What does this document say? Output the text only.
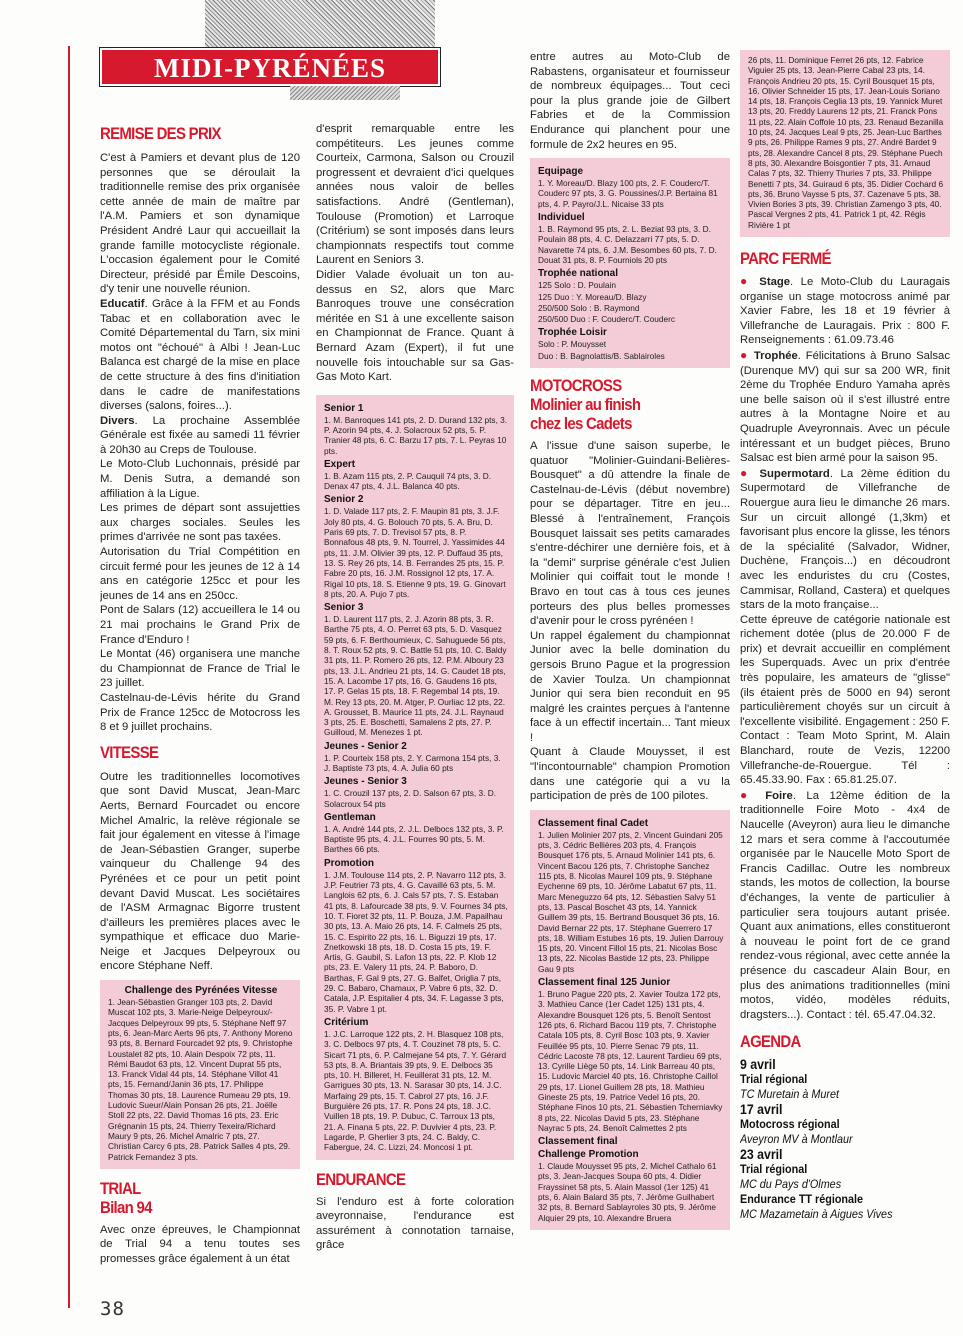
MIDI-PYRÉNÉES
REMISE DES PRIX

C'est à Pamiers et devant plus de 120 personnes que se déroulait la traditionnelle remise des prix organisée cette année de main de maître par l'A.M. Pamiers et son dynamique Président André Laur qui accueillait la grande famille motocycliste régionale. L'occasion également pour le Comité Directeur, présidé par Émile Descoins, d'y tenir une nouvelle réunion.

Educatif. Grâce à la FFM et au Fonds Tabac et en collaboration avec le Comité Départemental du Tarn, six mini motos ont "échoué" à Albi ! Jean-Luc Balanca est chargé de la mise en place de cette structure à des fins d'initiation dans le cadre de manifestations diverses (salons, foires...).

Divers. La prochaine Assemblée Générale est fixée au samedi 11 février à 20h30 au Creps de Toulouse.

Le Moto-Club Luchonnais, présidé par M. Denis Sutra, a demandé son affiliation à la Ligue.

Les primes de départ sont assujetties aux charges sociales. Seules les primes d'arrivée ne sont pas taxées.

Autorisation du Trial Compétition en circuit fermé pour les jeunes de 12 à 14 ans en catégorie 125cc et pour les jeunes de 14 ans en 250cc.

Pont de Salars (12) accueillera le 14 ou 21 mai prochains le Grand Prix de France d'Enduro !

Le Montat (46) organisera une manche du Championnat de France de Trial le 23 juillet.

Castelnau-de-Lévis hérite du Grand Prix de France 125cc de Motocross les 8 et 9 juillet prochains.

VITESSE

Outre les traditionnelles locomotives que sont David Muscat, Jean-Marc Aerts, Bernard Fourcadet ou encore Michel Amalric, la relève régionale se fait jour également en vitesse à l'image de Jean-Sébastien Granger, superbe vainqueur du Challenge 94 des Pyrénées et ce pour un petit point devant David Muscat. Les sociétaires de l'ASM Armagnac Bigorre trustent d'ailleurs les premières places avec le sympathique et efficace duo Marie-Neige et Jacques Delpeyroux ou encore Stéphane Neff.

Challenge des Pyrénées Vitesse

1. Jean-Sébastien Granger 103 pts, 2. David Muscat 102 pts, 3. Marie-Neige Delpeyroux/-Jacques Delpeyroux 99 pts, 5. Stéphane Neff 97 pts, 6. Jean-Marc Aerts 96 pts, 7. Anthony Moreno 93 pts, 8. Bernard Fourcadet 92 pts, 9. Christophe Loustalet 82 pts, 10. Alain Despoix 72 pts, 11. Rémi Baudot 63 pts, 12. Vincent Duprat 55 pts, 13. Franck Vidal 44 pts, 14. Stéphane Villot 41 pts, 15. Fernand/Janin 36 pts, 17. Philippe Thomas 30 pts, 18. Laurence Rumeau 29 pts, 19. Ludovic Sueur/Alain Ponsan 26 pts, 21. Joëlle Stoll 22 pts, 22. David Thomas 16 pts, 23. Eric Grégnanin 15 pts, 24. Thierry Texeira/Richard Maury 9 pts, 26. Michel Amalric 7 pts, 27. Christian Carcy 6 pts, 28. Patrick Salles 4 pts, 29. Patrick Fernandez 3 pts.

TRIAL
Bilan 94

Avec onze épreuves, le Championnat de Trial 94 a tenu toutes ses promesses grâce également à un état

d'esprit remarquable entre les compétiteurs. Les jeunes comme Courteix, Carmona, Salson ou Crouzil progressent et devraient d'ici quelques années nous valoir de belles satisfactions. André (Gentleman), Toulouse (Promotion) et Larroque (Critérium) se sont imposés dans leurs championnats respectifs tout comme Laurent en Seniors 3.

Didier Valade évoluait un ton au-dessus en S2, alors que Marc Banroques trouve une consécration méritée en S1 à une excellente saison en Championnat de France. Quant à Bernard Azam (Expert), il fut une nouvelle fois intouchable sur sa Gas-Gas Moto Kart.

Senior 1

1. M. Banroques 141 pts, 2. D. Durand 132 pts, 3. P. Azorin 94 pts, 4. J. Solacroux 52 pts, 5. P. Tranier 48 pts, 6. C. Barzu 17 pts, 7. L. Peyras 10 pts.

Expert

1. B. Azam 115 pts, 2. P. Cauquil 74 pts, 3. D. Denax 47 pts, 4. J.L. Balanca 40 pts.

Senior 2

1. D. Valade 117 pts, 2. F. Maupin 81 pts, 3. J.F. Joly 80 pts, 4. G. Bolouch 70 pts, 5. A. Bru, D. Paris 69 pts, 7. D. Trevisol 57 pts, 8. P. Bonnafous 48 pts, 9. N. Tourrel, J. Yassimides 44 pts, 11. J.M. Olivier 39 pts, 12. P. Duffaud 35 pts, 13. S. Rey 26 pts, 14. B. Ferrandes 25 pts, 15. P. Fabre 20 pts, 16. J.M. Rossignol 12 pts, 17. A. Rigal 10 pts, 18. S. Etienne 9 pts, 19. G. Ginovart 8 pts, 20. A. Pujo 7 pts.

Senior 3

1. D. Laurent 117 pts, 2. J. Azorin 88 pts, 3. R. Barthe 75 pts, 4. O. Perret 63 pts, 5. D. Vasquez 59 pts, 6. F. Berthoumieux, C. Sahuguede 56 pts, 8. T. Roux 52 pts, 9. C. Battle 51 pts, 10. C. Baldy 31 pts, 11. P. Romero 26 pts, 12. P.M. Alboury 23 pts, 13. J.L. Andrieu 21 pts, 14. G. Caudet 18 pts, 15. A. Lacombe 17 pts, 16. G. Gaudens 16 pts, 17. P. Gelas 15 pts, 18. F. Regembal 14 pts, 19. M. Rey 13 pts, 20. M. Atger, P. Ourliac 12 pts, 22. A. Grousset, B. Maurice 11 pts, 24. J.L. Raynaud 3 pts, 25. E. Boschetti, Samalens 2 pts, 27. P. Guilloud, M. Menezes 1 pt.

Jeunes - Senior 2

1. P. Courteix 158 pts, 2. Y. Carmona 154 pts, 3. J. Baptiste 73 pts, 4. A. Julia 60 pts

Jeunes - Senior 3

1. C. Crouzil 137 pts, 2. D. Salson 67 pts, 3. D. Solacroux 54 pts

Gentleman

1. A. André 144 pts, 2. J.L. Delbocs 132 pts, 3. P. Baptiste 95 pts, 4. J.L. Fourres 90 pts, 5. M. Barthes 66 pts.

Promotion

1. J.M. Toulouse 114 pts, 2. P. Navarro 112 pts, 3. J.P. Feutrier 73 pts, 4. G. Cavaillé 63 pts, 5. M. Langlois 62 pts, 6. J. Cals 57 pts, 7. S. Estaban 41 pts, 8. Lafourcade 38 pts, 9. V. Fournes 34 pts, 10. T. Fioret 32 pts, 11. P. Bouza, J.M. Papailhau 30 pts, 13. A. Maio 26 pts, 14. F. Calmels 25 pts, 15. C. Espirito 22 pts, 16. L. Biguzzi 19 pts, 17. Znetkowski 18 pts, 18. D. Costa 15 pts, 19. F. Artis, G. Gaubil, S. Lafon 13 pts, 22. P. Klob 12 pts, 23. E. Valery 11 pts, 24. P. Baboro, D. Barthas, F. Gal 9 pts, 27. G. Balfet, Origlia 7 pts, 29. C. Babaro, Chamaux, P. Vabre 6 pts, 32. D. Catala, J.P. Espitalier 4 pts, 34. F. Lagasse 3 pts, 35. P. Vabre 1 pt.

Critérium

1. J.C. Larroque 122 pts, 2. H. Blasquez 108 pts, 3. C. Delbocs 97 pts, 4. T. Couzinet 78 pts, 5. C. Sicart 71 pts, 6. P. Calmejane 54 pts, 7. Y. Gérard 53 pts, 8. A. Briantais 39 pts, 9. E. Delbocs 35 pts, 10. H. Billeret, H. Feuillerat 31 pts, 12. M. Garrigues 30 pts, 13. N. Sarasar 30 pts, 14. J.C. Marfaing 29 pts, 15. T. Cabrol 27 pts, 16. J.F. Burguière 26 pts, 17. R. Pons 24 pts, 18. J.C. Vuillen 18 pts, 19. P. Dubuc, C. Tarroux 13 pts, 21. A. Finana 5 pts, 22. P. Duvivier 4 pts, 23. P. Lagarde, P. Gherlier 3 pts, 24. C. Baldy, C. Fabergue, 24. C. Lizzi, 24. Moncosi 1 pt.

ENDURANCE

Si l'enduro est à forte coloration aveyronnaise, l'endurance est assurément à connotation tarnaise, grâce

entre autres au Moto-Club de Rabastens, organisateur et fournisseur de nombreux équipages... Tout ceci pour la plus grande joie de Gilbert Fabries et de la Commission Endurance qui planchent pour une formule de 2x2 heures en 95.

Equipage

1. Y. Moreau/D. Blazy 100 pts, 2. F. Couderc/T. Couderc 97 pts, 3. G. Poussines/J.P. Bertaina 81 pts, 4. P. Payro/J.L. Nicaise 33 pts

Individuel

1. B. Raymond 95 pts, 2. L. Beziat 93 pts, 3. D. Poulain 88 pts, 4. C. Delazzarri 77 pts, 5. D. Navarette 74 pts, 6. J.M. Besombes 60 pts, 7. D. Douat 31 pts, 8. P. Fourniols 20 pts

Trophée national

125 Solo : D. Poulain

125 Duo : Y. Moreau/D. Blazy

250/500 Solo : B. Raymond

250/500 Duo : F. Couderc/T. Couderc

Trophée Loisir

Solo : P. Mouysset

Duo : B. Bagnolattis/B. Sablairoles

MOTOCROSS
Molinier au finish
chez les Cadets

A l'issue d'une saison superbe, le quatuor "Molinier-Guindani-Belières-Bousquet" a dû attendre la finale de Castelnau-de-Lévis (début novembre) pour se départager. Titre en jeu... Blessé à l'entraînement, François Bousquet laissait ses petits camarades s'entre-déchirer une dernière fois, et à la "demi" surprise générale c'est Julien Molinier qui coiffait tout le monde ! Bravo en tout cas à tous ces jeunes porteurs des plus belles promesses d'avenir pour le cross pyrénéen !

Un rappel également du championnat Junior avec la belle domination du gersois Bruno Pague et la progression de Xavier Toulza. Un championnat Junior qui sera bien reconduit en 95 malgré les craintes perçues à l'antenne face à un effectif incertain... Tant mieux !

Quant à Claude Mouysset, il est "l'incontournable" champion Promotion dans une catégorie qui a vu la participation de près de 100 pilotes.

Classement final Cadet

1. Julien Molinier 207 pts, 2. Vincent Guindani 205 pts, 3. Cédric Bellières 203 pts, 4. François Bousquet 176 pts, 5. Arnaud Molinier 141 pts, 6. Vincent Bacou 126 pts, 7. Christophe Sanchez 115 pts, 8. Nicolas Maurel 109 pts, 9. Stéphane Eychenne 69 pts, 10. Jérôme Labatut 67 pts, 11. Marc Meneguzzo 64 pts, 12. Sébastien Salvy 51 pts, 13. Pascal Boschet 43 pts, 14. Yannick Guillem 39 pts, 15. Bertrand Bousquet 36 pts, 16. David Bernar 22 pts, 17. Stéphane Guerrero 17 pts, 18. William Estubes 16 pts, 19. Julien Darrouy 15 pts, 20. Vincent Fillol 15 pts, 21. Nicolas Bosc 13 pts, 22. Nicolas Bastide 12 pts, 23. Philippe Gau 9 pts

Classement final 125 Junior

1. Bruno Pague 220 pts, 2. Xavier Toulza 172 pts, 3. Mathieu Cance (1er Cadet 125) 131 pts, 4. Alexandre Bousquet 126 pts, 5. Benoît Sentost 126 pts, 6. Richard Bacou 119 pts, 7. Christophe Catala 105 pts, 8. Cyril Bosc 103 pts, 9. Xavier Feuillée 95 pts, 10. Pierre Senac 79 pts, 11. Cédric Lacoste 78 pts, 12. Laurent Tardieu 69 pts, 13. Cyrille Liège 50 pts, 14. Link Barreau 40 pts, 15. Ludovic Marciel 40 pts, 16. Christophe Caillol 29 pts, 17. Lionel Guillem 28 pts, 18. Mathieu Gineste 25 pts, 19. Patrice Vedel 16 pts, 20. Stéphane Finos 10 pts, 21. Sébastien Tcherniavky 8 pts, 22. Nicolas David 5 pts, 23. Stéphane Nayrac 5 pts, 24. Benoît Calmettes 2 pts

Classement final
Challenge Promotion

1. Claude Mouysset 95 pts, 2. Michel Cathalo 61 pts, 3. Jean-Jacques Soupa 60 pts, 4. Didier Frayssinet 58 pts, 5. Alain Massol (1er 125) 41 pts, 6. Alain Balard 35 pts, 7. Jérôme Guilhabert 32 pts, 8. Bernard Sablayroles 30 pts, 9. Jérôme Alquier 29 pts, 10. Alexandre Bruera

26 pts, 11. Dominique Ferret 26 pts, 12. Fabrice Viguier 25 pts, 13. Jean-Pierre Cabal 23 pts, 14. François Andrieu 20 pts, 15. Cyril Bousquet 15 pts, 16. Olivier Schneider 15 pts, 17. Jean-Louis Soriano 14 pts, 18. François Ceglia 13 pts, 19. Yannick Muret 13 pts, 20. Freddy Laurens 12 pts, 21. Franck Pons 11 pts, 22. Alain Coffole 10 pts, 23. Renaud Bezanilla 10 pts, 24. Jacques Leal 9 pts, 25. Jean-Luc Barthes 9 pts, 26. Philippe Rames 9 pts, 27. André Bardet 9 pts, 28. Alexandre Cancel 8 pts, 29. Stéphane Puech 8 pts, 30. Alexandre Boisgontier 7 pts, 31. Arnaud Calas 7 pts, 32. Thierry Thuries 7 pts, 33. Philippe Benetti 7 pts, 34. Guiraud 6 pts, 35. Didier Cochard 6 pts, 36. Bruno Vaysse 5 pts, 37. Cazenave 5 pts, 38. Vivien Bories 3 pts, 39. Christian Zamengo 3 pts, 40. Pascal Vergnes 2 pts, 41. Patrick 1 pt, 42. Régis Rivière 1 pt

PARC FERMÉ

● Stage. Le Moto-Club du Lauragais organise un stage motocross animé par Xavier Fabre, les 18 et 19 février à Villefranche de Lauragais. Prix : 800 F. Renseignements : 61.09.73.46

● Trophée. Félicitations à Bruno Salsac (Durenque MV) qui sur sa 200 WR, finit 2ème du Trophée Enduro Yamaha après une belle saison où il s'est illustré entre autres à la Montagne Noire et au Quadruple Aveyronnais. Avec un pécule intéressant et un budget pièces, Bruno Salsac est bien armé pour la saison 95.

● Supermotard. La 2ème édition du Supermotard de Villefranche de Rouergue aura lieu le dimanche 26 mars. Sur un circuit allongé (1,3km) et favorisant plus encore la glisse, les ténors de la spécialité (Salvador, Widner, Duchène, François...) en découdront avec les enduristes du cru (Costes, Cammisar, Rolland, Castera) et quelques stars de la moto française...

Cette épreuve de catégorie nationale est richement dotée (plus de 20.000 F de prix) et devrait accueillir en complément les Superquads. Avec un prix d'entrée très populaire, les amateurs de "glisse" (ils étaient près de 5000 en 94) seront particulièrement choyés sur un circuit à l'excellente visibilité. Engagement : 250 F. Contact : Team Moto Sprint, M. Alain Blanchard, route de Vezis, 12200 Villefranche-de-Rouergue. Tél : 65.45.33.90. Fax : 65.81.25.07.

● Foire. La 12ème édition de la traditionnelle Foire Moto - 4x4 de Naucelle (Aveyron) aura lieu le dimanche 12 mars et sera comme à l'accoutumée organisée par le Naucelle Moto Sport de Francis Cadillac. Outre les nombreux stands, les motos de collection, la bourse d'échanges, la vente de particulier à particulier sera toujours autant prisée. Quant aux animations, elles constitueront à nouveau le point fort de ce grand rendez-vous régional, avec cette année la présence du cascadeur Alain Bour, en plus des animations traditionnelles (mini motos, vidéo, modèles réduits, dragsters...). Contact : tél. 65.47.04.32.

AGENDA
9 avril
Trial régional
TC Muretain à Muret
17 avril
Motocross régional
Aveyron MV à Montlaur
23 avril
Trial régional
MC du Pays d'Olmes
Endurance TT régionale
MC Mazametain à Aigues Vives
38
